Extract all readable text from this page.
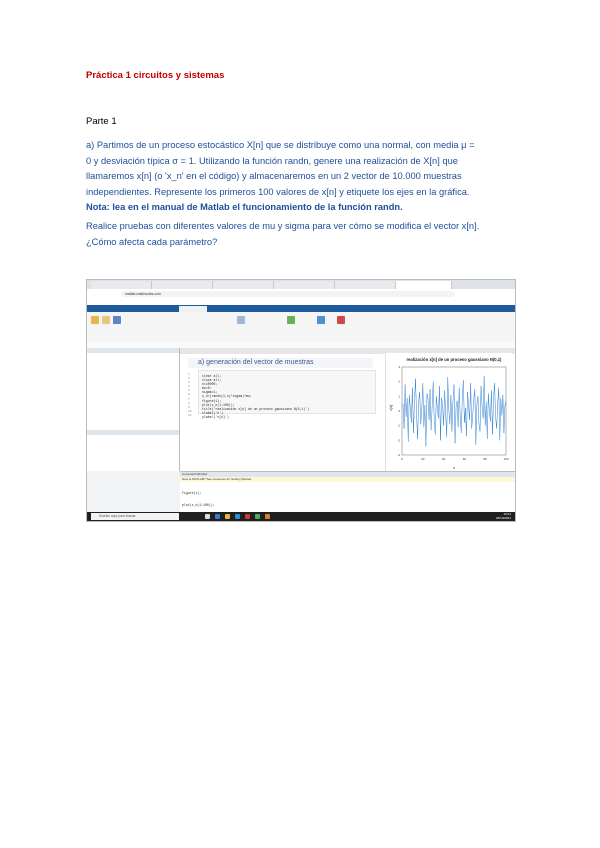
Práctica 1 circuitos y sistemas
Parte 1

a) Partimos de un proceso estocástico X[n] que se distribuye como una normal, con media μ =
0 y desviación típica σ = 1. Utilizando la función randn, genere una realización de X[n] que
llamaremos x[n] (o 'x_n' en el código) y almacenaremos en un 2 vector de 10.000 muestras
independientes. Represente los primeros 100 valores de x[n] y etiquete los ejes en la gráfica.
Nota: lea en el manual de Matlab el funcionamiento de la función randn.

Realice pruebas con diferentes valores de mu y sigma para ver cómo se modifica el vector x[n].
¿Cómo afecta cada parámetro?

matlab.mathworks.com
a) generación del vector de muestras
1
2
3
4
5
6
7
8
9
10
11
clear all;
close all;
n=10000;
mu=0;
sigma=1;
x_n=(randn(1,n)*sigma)+mu;
figure(1);
plot(x_n(1:100));
title('realización x[n] de un proceso gaussiano N(0,1)')
xlabel('n')
ylabel('x[n]')
realización x[n] de un proceso gaussiano N(0,1)
n
x[n]
0	20	40	60	80	100
-3
-2
-1
0
1
2
3
Command Window
New to MATLAB? See resources for Getting Started.

figure(1);

plot(x_n(1:100));

Escribe aquí para buscar	19:01
28/10/2021
